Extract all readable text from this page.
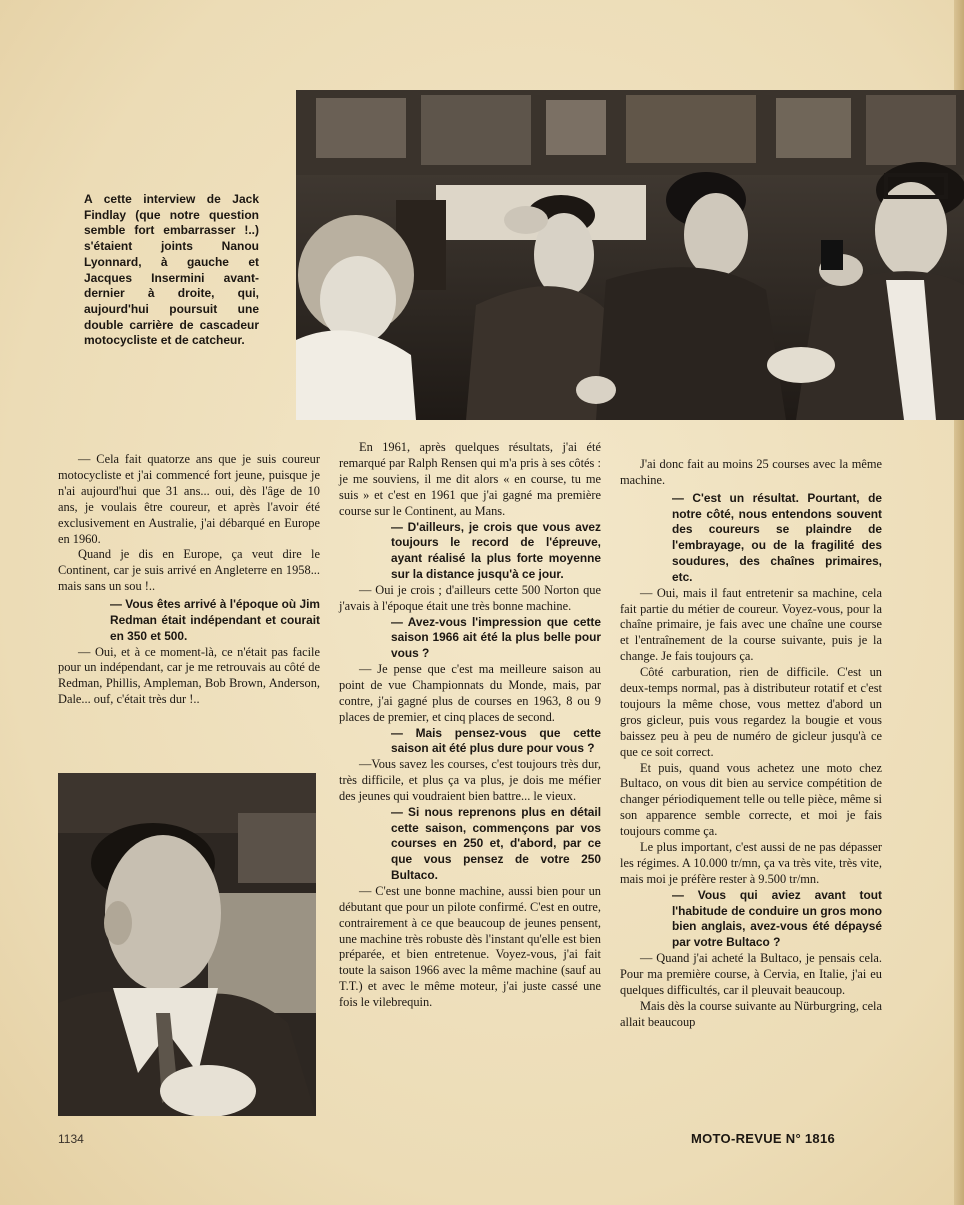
A cette interview de Jack Findlay (que notre question semble fort embarrasser !..) s'étaient joints Nanou Lyonnard, à gauche et Jacques Insermini avant-dernier à droite, qui, aujourd'hui poursuit une double carrière de cascadeur motocycliste et de catcheur.

— Cela fait quatorze ans que je suis coureur motocycliste et j'ai commencé fort jeune, puisque je n'ai aujourd'hui que 31 ans... oui, dès l'âge de 10 ans, je voulais être coureur, et après l'avoir été exclusivement en Australie, j'ai débarqué en Europe en 1960.

Quand je dis en Europe, ça veut dire le Continent, car je suis arrivé en Angleterre en 1958... mais sans un sou !..

— Vous êtes arrivé à l'époque où Jim Redman était indépendant et courait en 350 et 500.

— Oui, et à ce moment-là, ce n'était pas facile pour un indépendant, car je me retrouvais au côté de Redman, Phillis, Ampleman, Bob Brown, Anderson, Dale... ouf, c'était très dur !..

En 1961, après quelques résultats, j'ai été remarqué par Ralph Rensen qui m'a pris à ses côtés : je me souviens, il me dit alors « en course, tu me suis » et c'est en 1961 que j'ai gagné ma première course sur le Continent, au Mans.

— D'ailleurs, je crois que vous avez toujours le record de l'épreuve, ayant réalisé la plus forte moyenne sur la distance jusqu'à ce jour.

— Oui je crois ; d'ailleurs cette 500 Norton que j'avais à l'époque était une très bonne machine.

— Avez-vous l'impression que cette saison 1966 ait été la plus belle pour vous ?

— Je pense que c'est ma meilleure saison au point de vue Championnats du Monde, mais, par contre, j'ai gagné plus de courses en 1963, 8 ou 9 places de premier, et cinq places de second.

— Mais pensez-vous que cette saison ait été plus dure pour vous ?

—Vous savez les courses, c'est toujours très dur, très difficile, et plus ça va plus, je dois me méfier des jeunes qui voudraient bien battre... le vieux.

— Si nous reprenons plus en détail cette saison, commençons par vos courses en 250 et, d'abord, par ce que vous pensez de votre 250 Bultaco.

— C'est une bonne machine, aussi bien pour un débutant que pour un pilote confirmé. C'est en outre, contrairement à ce que beaucoup de jeunes pensent, une machine très robuste dès l'instant qu'elle est bien préparée, et bien entretenue. Voyez-vous, j'ai fait toute la saison 1966 avec la même machine (sauf au T.T.) et avec le même moteur, j'ai juste cassé une fois le vilebrequin.

J'ai donc fait au moins 25 courses avec la même machine.

— C'est un résultat. Pourtant, de notre côté, nous entendons souvent des coureurs se plaindre de l'embrayage, ou de la fragilité des soudures, des chaînes primaires, etc.

— Oui, mais il faut entretenir sa machine, cela fait partie du métier de coureur. Voyez-vous, pour la chaîne primaire, je fais avec une chaîne une course et l'entraînement de la course suivante, puis je la change. Je fais toujours ça.

Côté carburation, rien de difficile. C'est un deux-temps normal, pas à distributeur rotatif et c'est toujours la même chose, vous mettez d'abord un gros gicleur, puis vous regardez la bougie et vous baissez peu à peu de numéro de gicleur jusqu'à ce que ce soit correct.

Et puis, quand vous achetez une moto chez Bultaco, on vous dit bien au service compétition de changer périodiquement telle ou telle pièce, même si son apparence semble correcte, et moi je fais toujours comme ça.

Le plus important, c'est aussi de ne pas dépasser les régimes. A 10.000 tr/mn, ça va très vite, très vite, mais moi je préfère rester à 9.500 tr/mn.

— Vous qui aviez avant tout l'habitude de conduire un gros mono bien anglais, avez-vous été dépaysé par votre Bultaco ?

— Quand j'ai acheté la Bultaco, je pensais cela. Pour ma première course, à Cervia, en Italie, j'ai eu quelques difficultés, car il pleuvait beaucoup.

Mais dès la course suivante au Nürburgring, cela allait beaucoup

1134	MOTO-REVUE N° 1816
